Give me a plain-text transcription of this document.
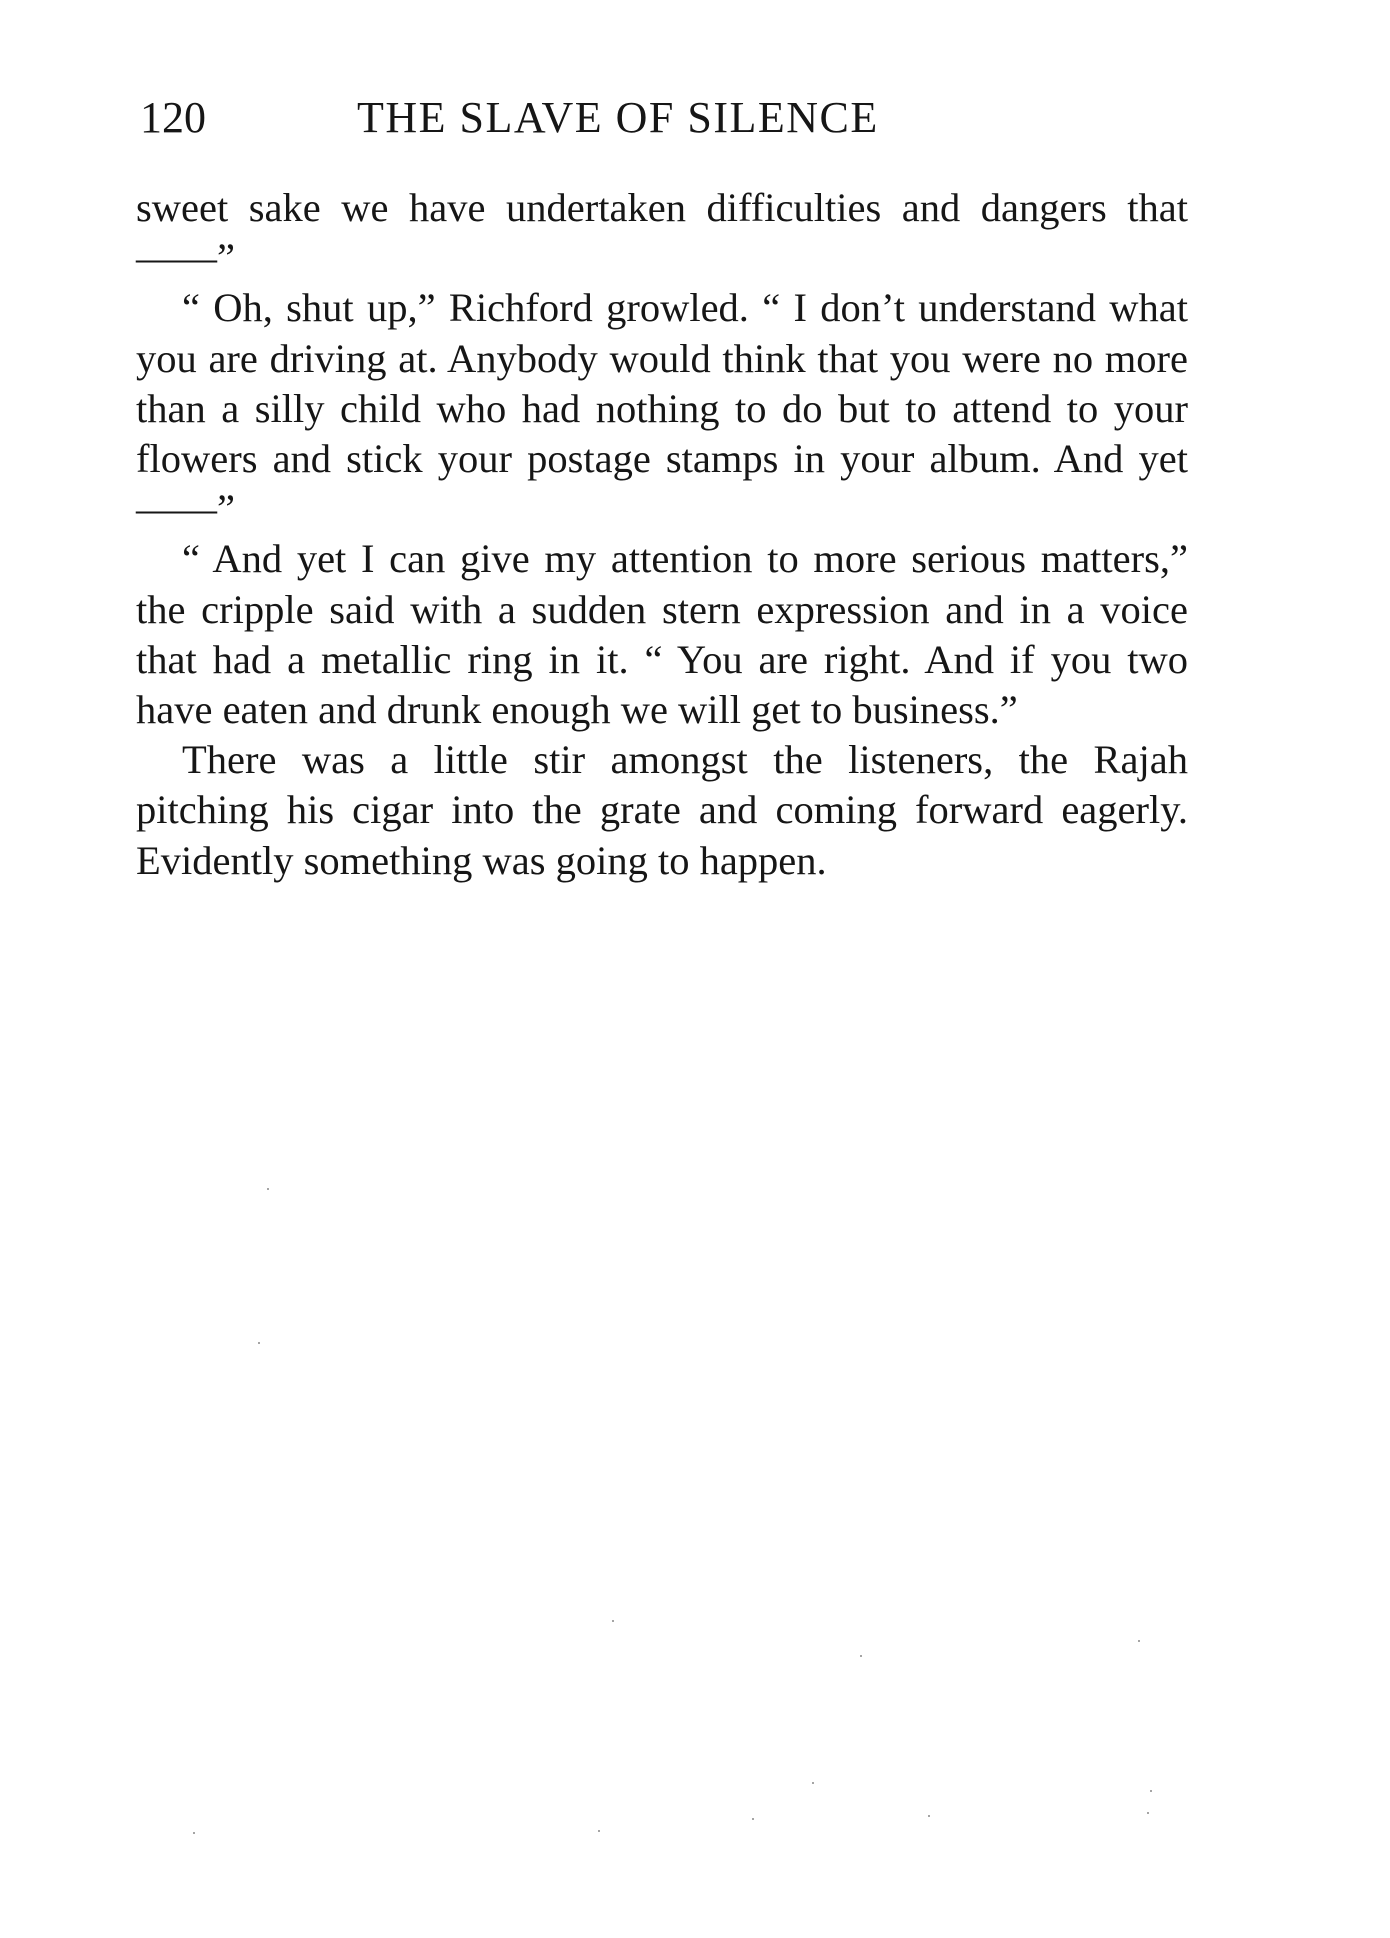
120	THE SLAVE OF SILENCE

sweet sake we have undertaken difficulties and dangers that ——”

“ Oh, shut up,” Richford growled. “ I don’t understand what you are driving at. Anybody would think that you were no more than a silly child who had nothing to do but to attend to your flowers and stick your postage stamps in your album. And yet ——”

“ And yet I can give my attention to more serious matters,” the cripple said with a sudden stern expression and in a voice that had a metallic ring in it. “ You are right. And if you two have eaten and drunk enough we will get to business.”

There was a little stir amongst the listeners, the Rajah pitching his cigar into the grate and coming forward eagerly. Evidently something was going to happen.
